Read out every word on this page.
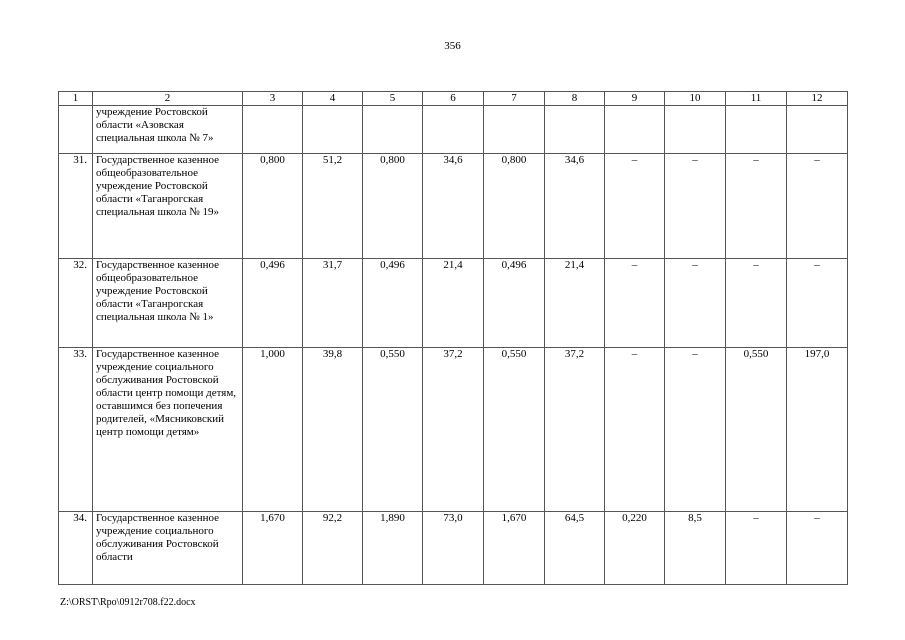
356
1	2	3	4	5	6	7	8	9	10	11	12
	учреждение Ростовской области «Азовская специальная школа № 7»										
31.	Государственное казенное общеобразовательное учреждение Ростовской области «Таганрогская специальная школа № 19»	0,800	51,2	0,800	34,6	0,800	34,6	–	–	–	–
32.	Государственное казенное общеобразовательное учреждение Ростовской области «Таганрогская специальная школа № 1»	0,496	31,7	0,496	21,4	0,496	21,4	–	–	–	–
33.	Государственное казенное учреждение социального обслуживания Ростовской области центр помощи детям, оставшимся без попечения родителей, «Мясниковский центр помощи детям»	1,000	39,8	0,550	37,2	0,550	37,2	–	–	0,550	197,0
34.	Государственное казенное учреждение социального обслуживания Ростовской области	1,670	92,2	1,890	73,0	1,670	64,5	0,220	8,5	–	–
Z:\ORST\Rpo\0912r708.f22.docx
